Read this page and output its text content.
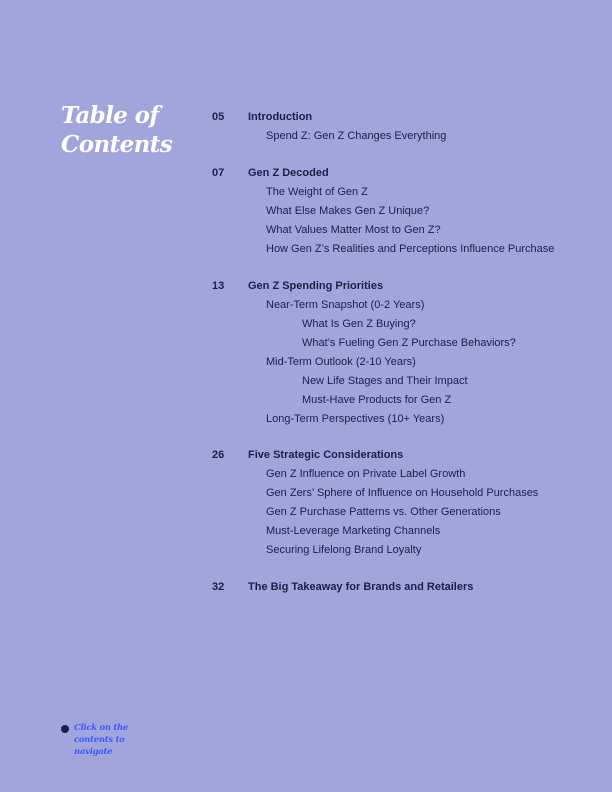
Table of
Contents
05 Introduction
Spend Z: Gen Z Changes Everything
07 Gen Z Decoded
The Weight of Gen Z
What Else Makes Gen Z Unique?
What Values Matter Most to Gen Z?
How Gen Z’s Realities and Perceptions Influence Purchase
13 Gen Z Spending Priorities
Near-Term Snapshot (0-2 Years)
What Is Gen Z Buying?
What’s Fueling Gen Z Purchase Behaviors?
Mid-Term Outlook (2-10 Years)
New Life Stages and Their Impact
Must-Have Products for Gen Z
Long-Term Perspectives (10+ Years)
26 Five Strategic Considerations
Gen Z Influence on Private Label Growth
Gen Zers’ Sphere of Influence on Household Purchases
Gen Z Purchase Patterns vs. Other Generations
Must-Leverage Marketing Channels
Securing Lifelong Brand Loyalty
32 The Big Takeaway for Brands and Retailers
Click on the contents to navigate
